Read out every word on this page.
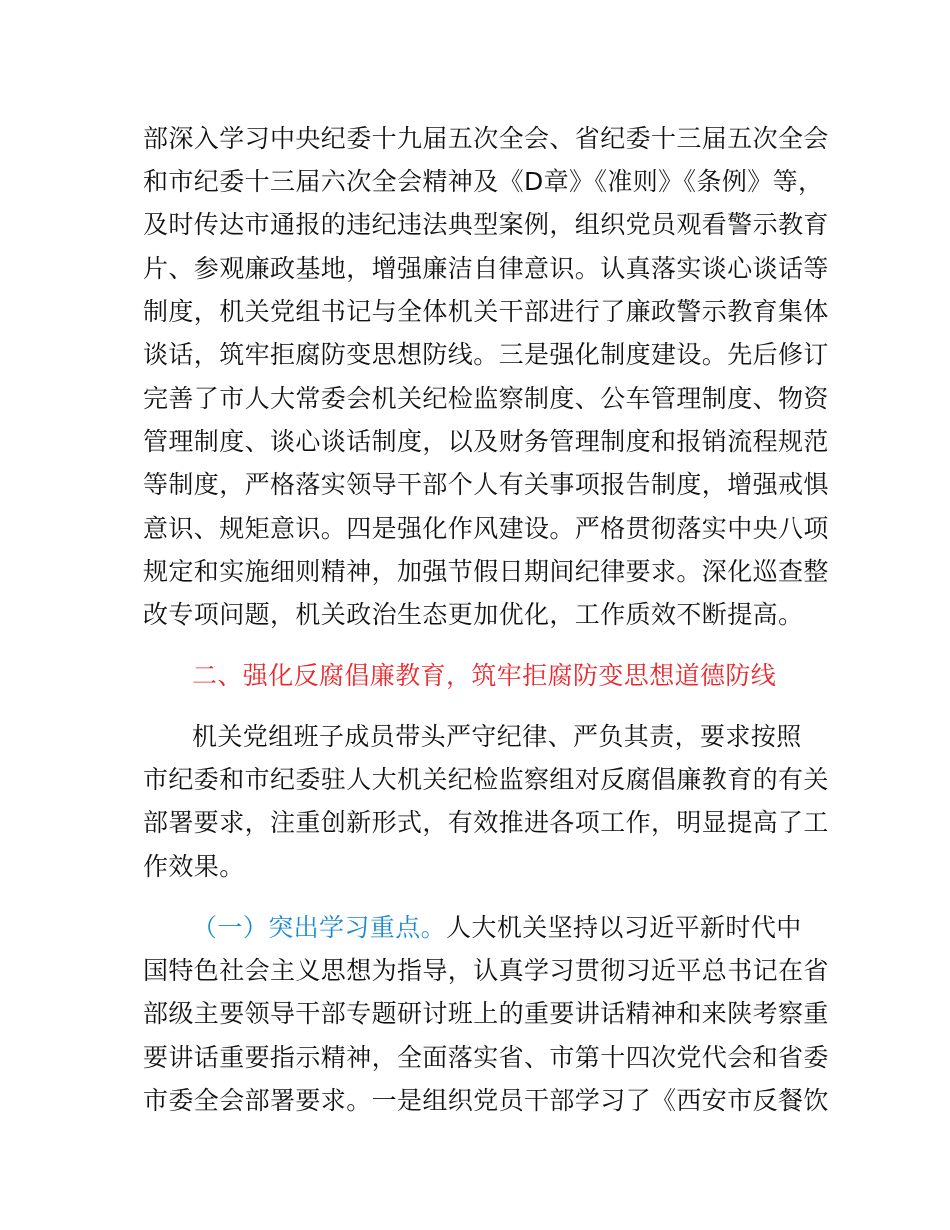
部深入学习中央纪委十九届五次全会、省纪委十三届五次全会
和市纪委十三届六次全会精神及《D章》《准则》《条例》等，
及时传达市通报的违纪违法典型案例，组织党员观看警示教育
片、参观廉政基地，增强廉洁自律意识。认真落实谈心谈话等
制度，机关党组书记与全体机关干部进行了廉政警示教育集体
谈话，筑牢拒腐防变思想防线。三是强化制度建设。先后修订
完善了市人大常委会机关纪检监察制度、公车管理制度、物资
管理制度、谈心谈话制度，以及财务管理制度和报销流程规范
等制度，严格落实领导干部个人有关事项报告制度，增强戒惧
意识、规矩意识。四是强化作风建设。严格贯彻落实中央八项
规定和实施细则精神，加强节假日期间纪律要求。深化巡查整
改专项问题，机关政治生态更加优化，工作质效不断提高。
二、强化反腐倡廉教育，筑牢拒腐防变思想道德防线
机关党组班子成员带头严守纪律、严负其责，要求按照
市纪委和市纪委驻人大机关纪检监察组对反腐倡廉教育的有关
部署要求，注重创新形式，有效推进各项工作，明显提高了工
作效果。
（一）突出学习重点。人大机关坚持以习近平新时代中
国特色社会主义思想为指导，认真学习贯彻习近平总书记在省
部级主要领导干部专题研讨班上的重要讲话精神和来陕考察重
要讲话重要指示精神，全面落实省、市第十四次党代会和省委
市委全会部署要求。一是组织党员干部学习了《西安市反餐饮
